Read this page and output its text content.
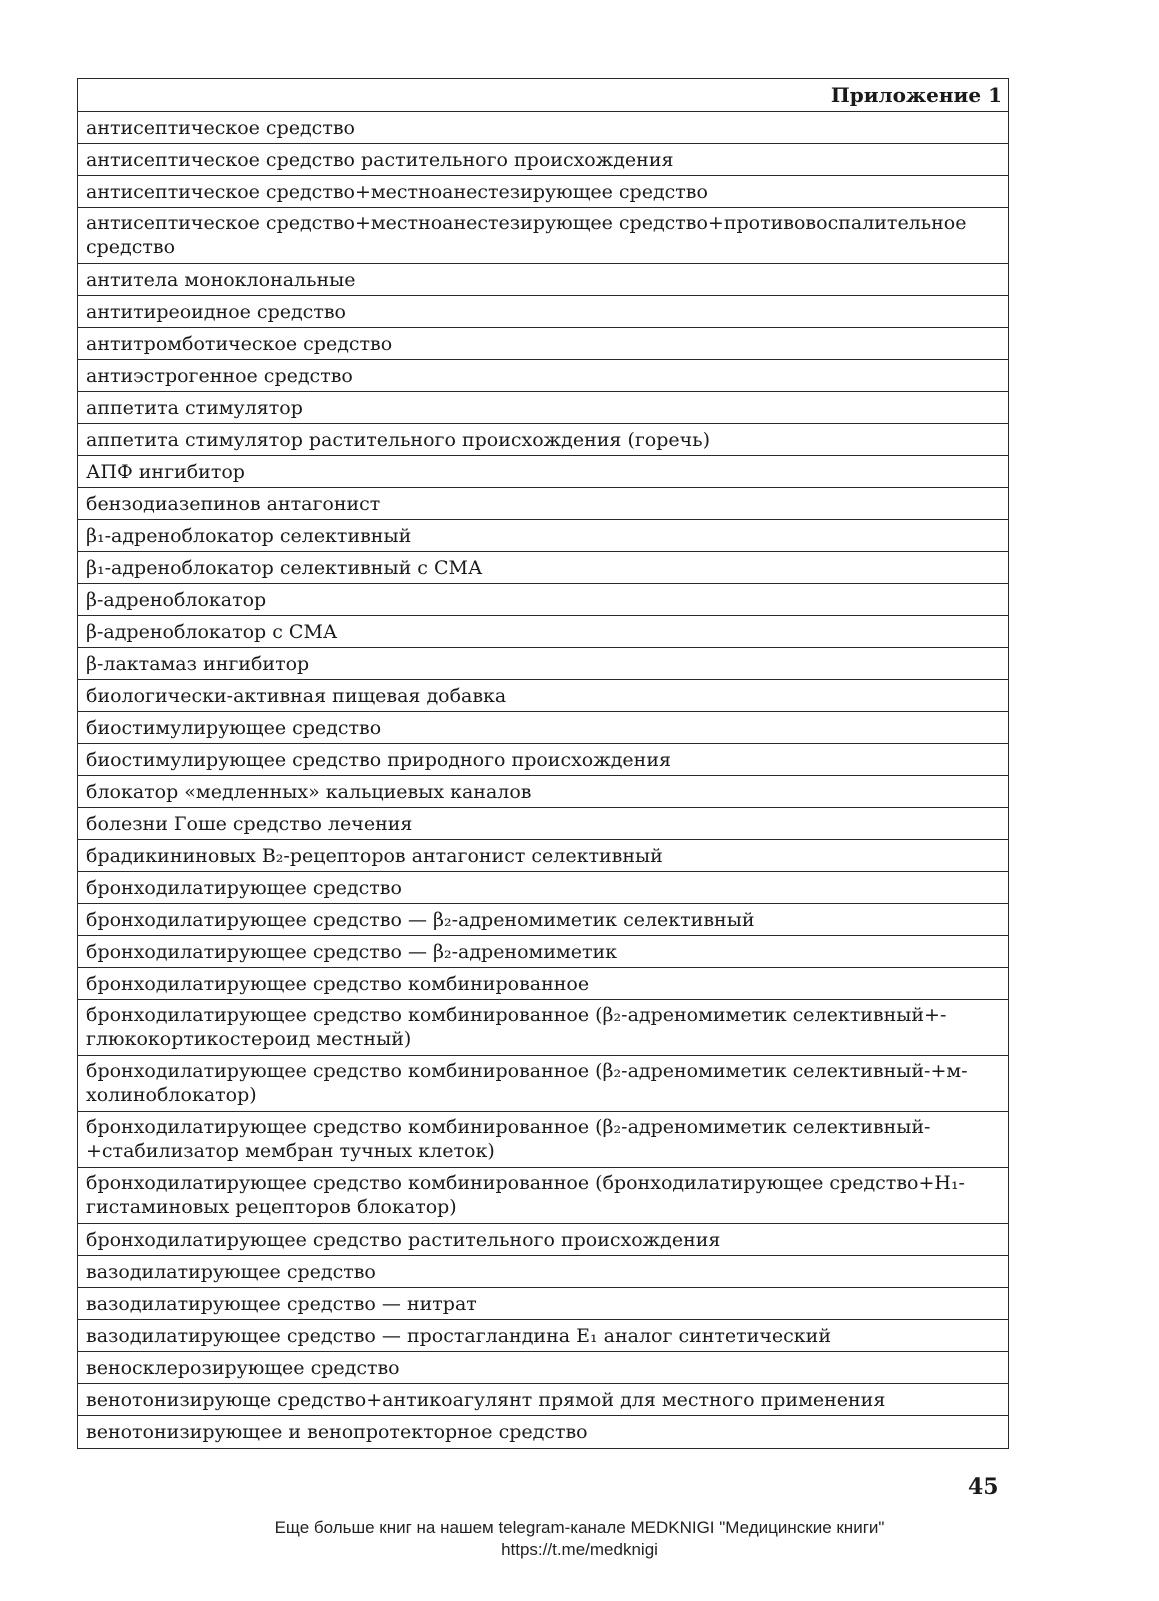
Приложение 1
антисептическое средство
антисептическое средство растительного происхождения
антисептическое средство+местноанестезирующее средство
антисептическое средство+местноанестезирующее средство+противовоспалительное средство
антитела моноклональные
антитиреоидное средство
антитромботическое средство
антиэстрогенное средство
аппетита стимулятор
аппетита стимулятор растительного происхождения (горечь)
АПФ ингибитор
бензодиазепинов антагонист
β₁-адреноблокатор селективный
β₁-адреноблокатор селективный с СМА
β-адреноблокатор
β-адреноблокатор с СМА
β-лактамаз ингибитор
биологически-активная пищевая добавка
биостимулирующее средство
биостимулирующее средство природного происхождения
блокатор «медленных» кальциевых каналов
болезни Гоше средство лечения
брадикининовых В₂-рецепторов антагонист селективный
бронходилатирующее средство
бронходилатирующее средство — β₂-адреномиметик селективный
бронходилатирующее средство — β₂-адреномиметик
бронходилатирующее средство комбинированное
бронходилатирующее средство комбинированное (β₂-адреномиметик селективный+-глюкокортикостероид местный)
бронходилатирующее средство комбинированное (β₂-адреномиметик селективный-+м-холиноблокатор)
бронходилатирующее средство комбинированное (β₂-адреномиметик селективный-+стабилизатор мембран тучных клеток)
бронходилатирующее средство комбинированное (бронходилатирующее средство+Н₁-гистаминовых рецепторов блокатор)
бронходилатирующее средство растительного происхождения
вазодилатирующее средство
вазодилатирующее средство — нитрат
вазодилатирующее средство — простагландина Е₁ аналог синтетический
веносклерозирующее средство
венотонизирующе средство+антикоагулянт прямой для местного применения
венотонизирующее и венопротекторное средство
45
Еще больше книг на нашем telegram-канале MEDKNIGI "Медицинские книги"
https://t.me/medknigi
